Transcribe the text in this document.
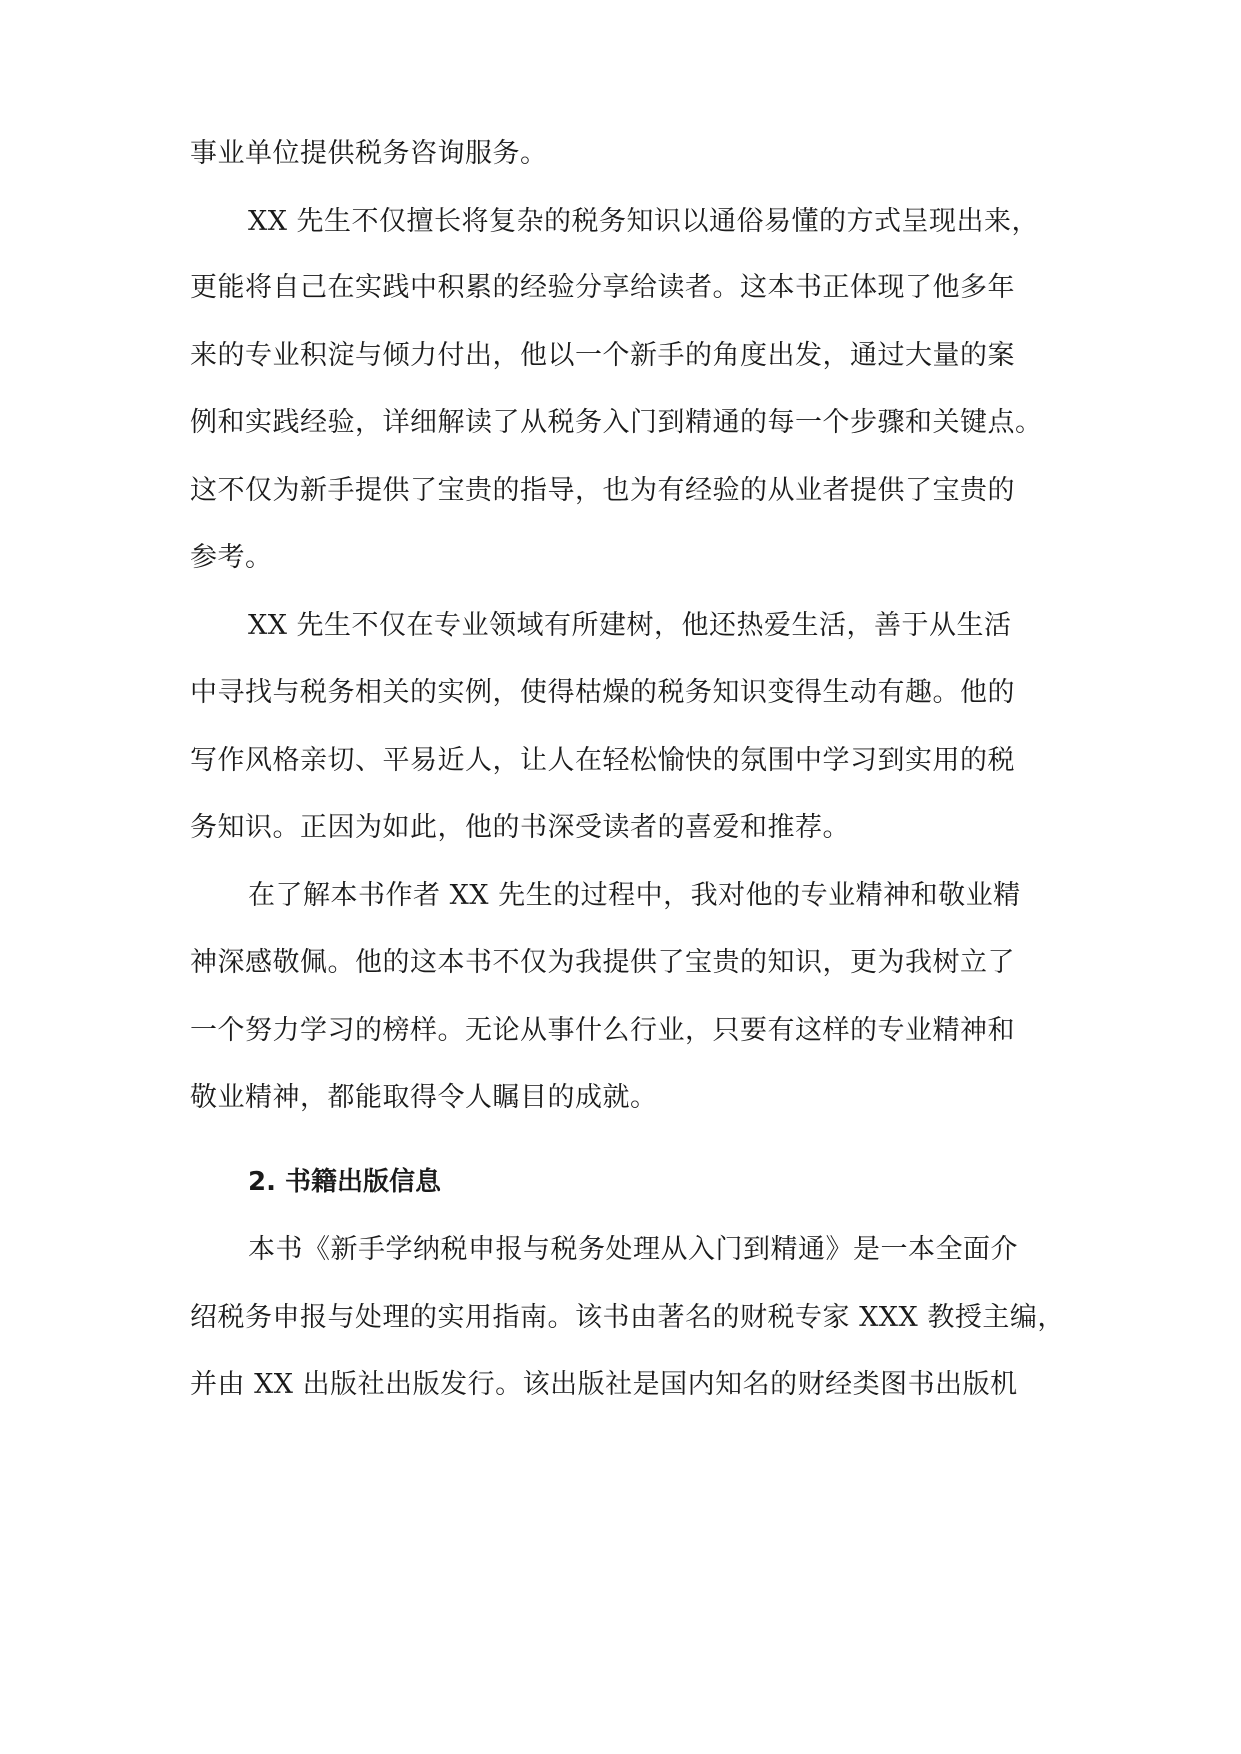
事业单位提供税务咨询服务。
XX 先生不仅擅长将复杂的税务知识以通俗易懂的方式呈现出来，
更能将自己在实践中积累的经验分享给读者。这本书正体现了他多年
来的专业积淀与倾力付出，他以一个新手的角度出发，通过大量的案
例和实践经验，详细解读了从税务入门到精通的每一个步骤和关键点。
这不仅为新手提供了宝贵的指导，也为有经验的从业者提供了宝贵的
参考。
XX 先生不仅在专业领域有所建树，他还热爱生活，善于从生活
中寻找与税务相关的实例，使得枯燥的税务知识变得生动有趣。他的
写作风格亲切、平易近人，让人在轻松愉快的氛围中学习到实用的税
务知识。正因为如此，他的书深受读者的喜爱和推荐。
在了解本书作者 XX 先生的过程中，我对他的专业精神和敬业精
神深感敬佩。他的这本书不仅为我提供了宝贵的知识，更为我树立了
一个努力学习的榜样。无论从事什么行业，只要有这样的专业精神和
敬业精神，都能取得令人瞩目的成就。
2. 书籍出版信息
本书《新手学纳税申报与税务处理从入门到精通》是一本全面介
绍税务申报与处理的实用指南。该书由著名的财税专家 XXX 教授主编，
并由 XX 出版社出版发行。该出版社是国内知名的财经类图书出版机
